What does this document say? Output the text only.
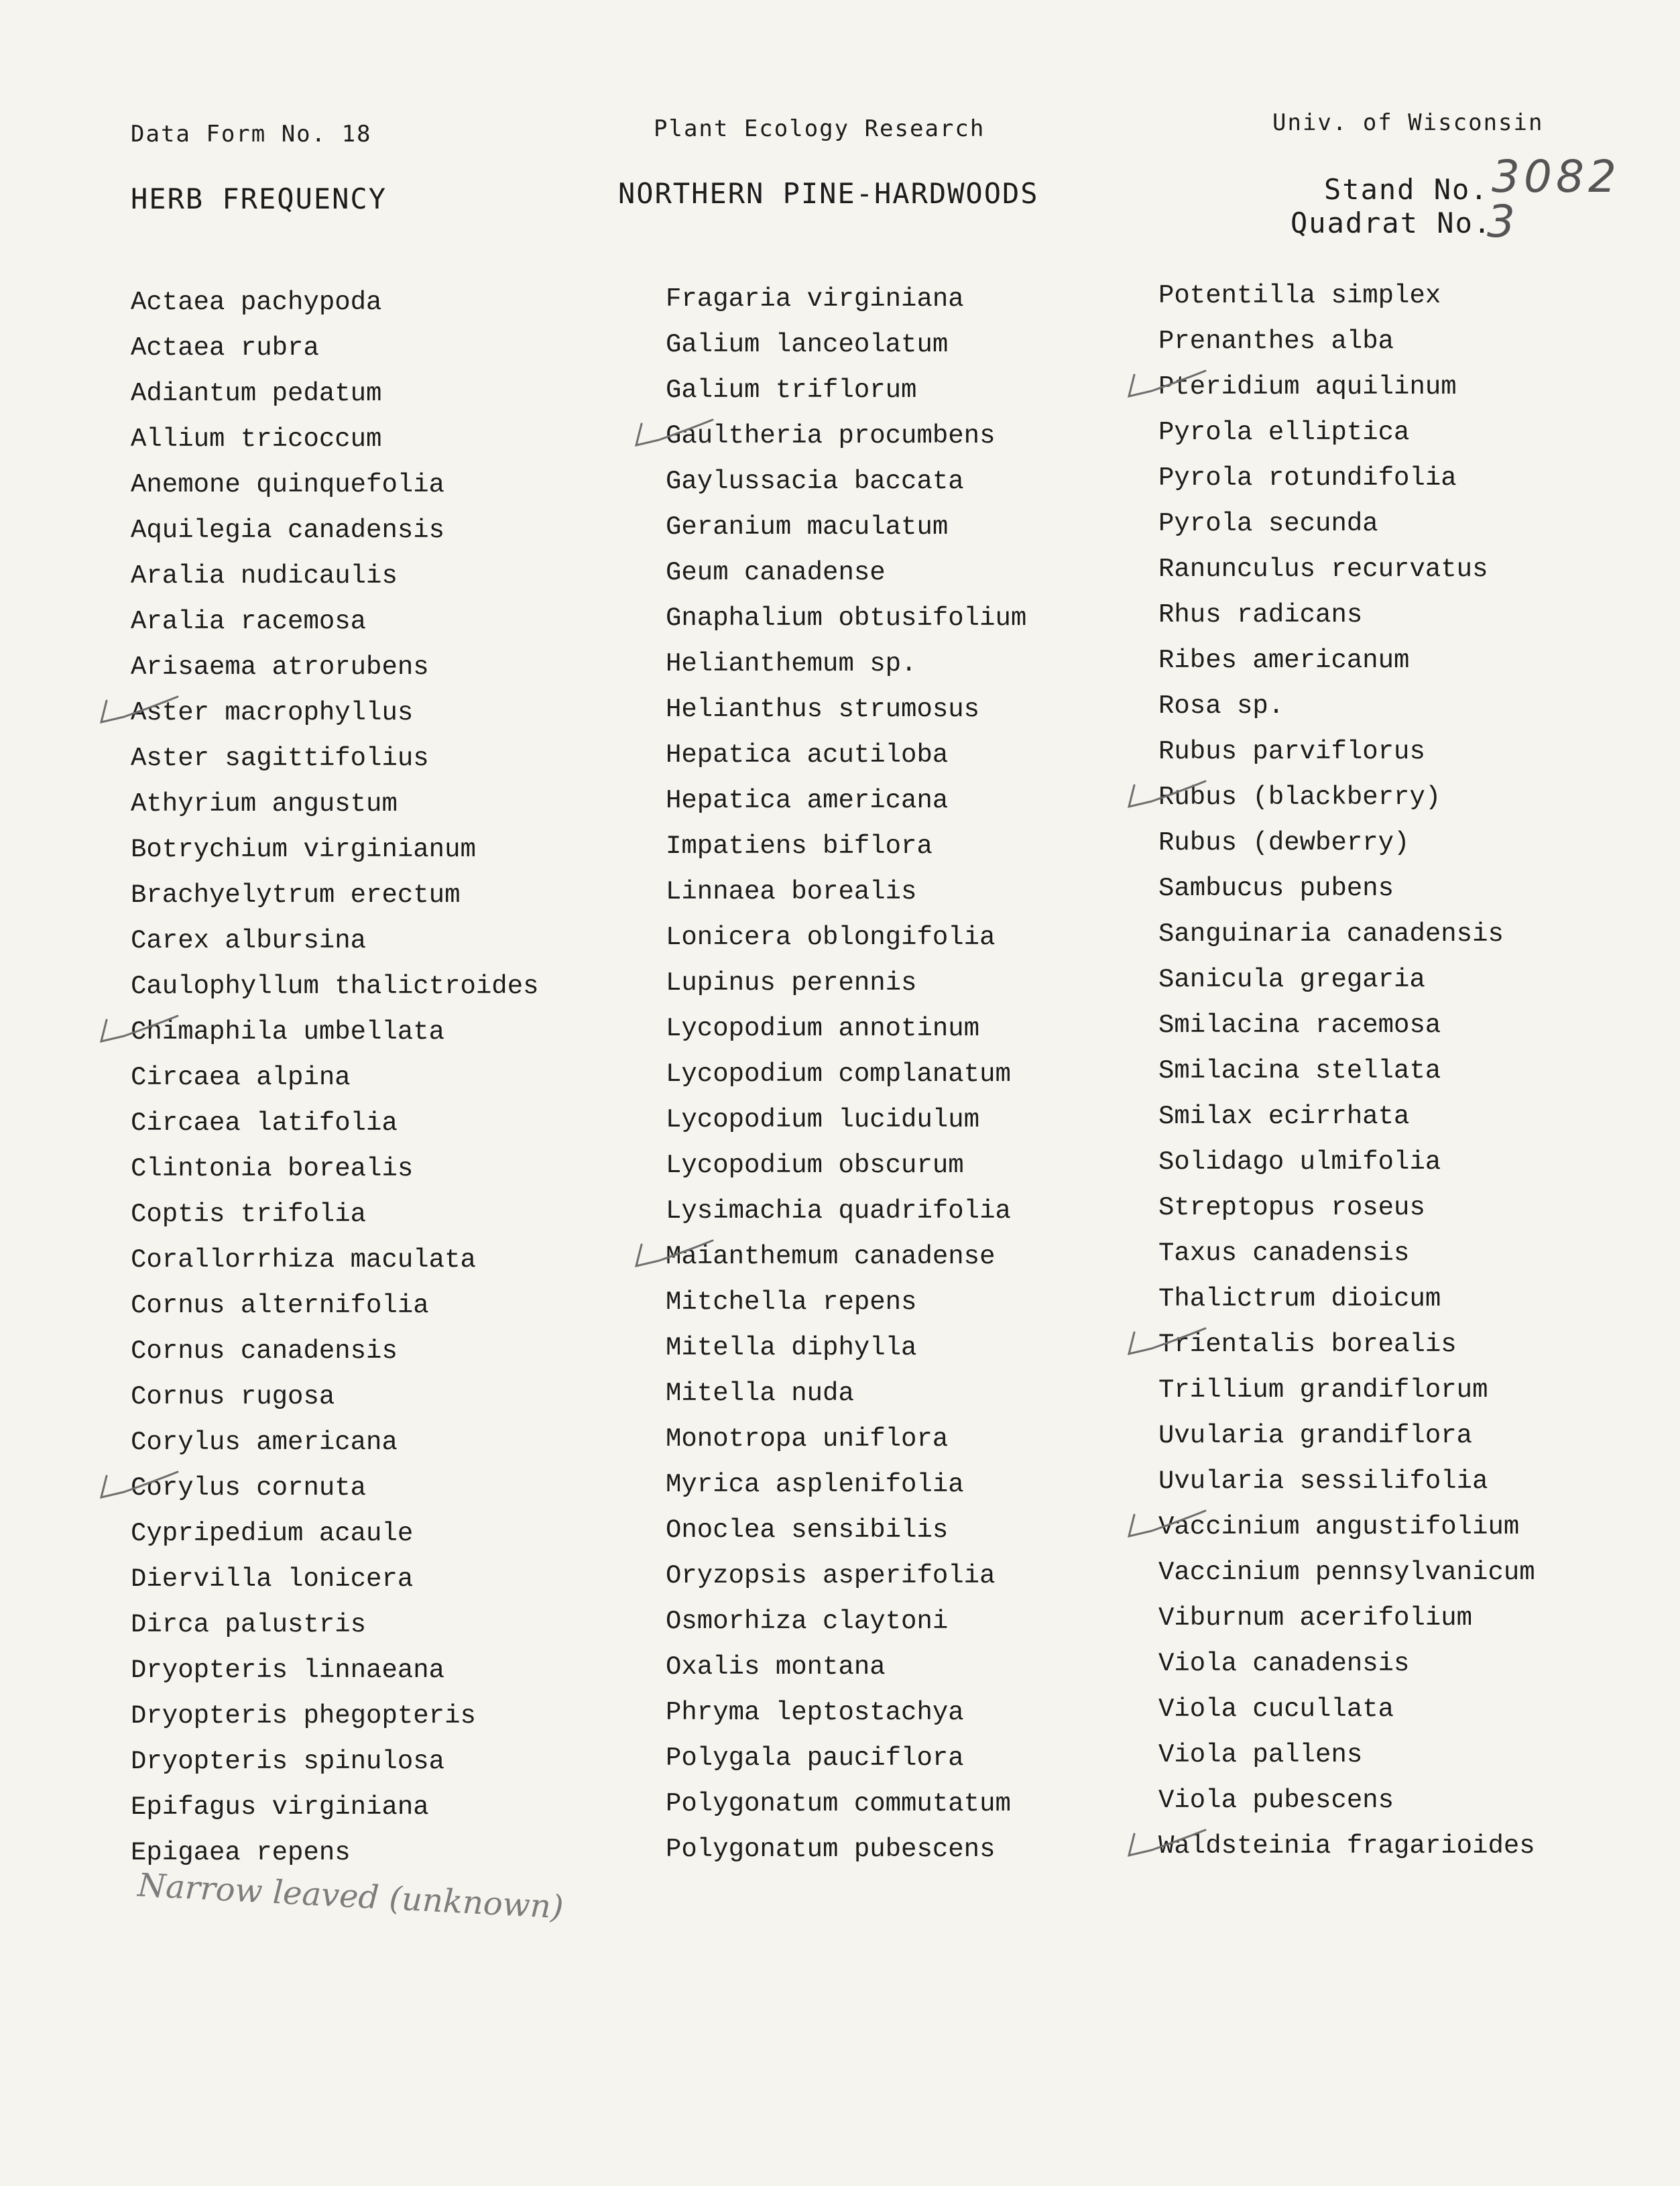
Data Form No. 18	Plant Ecology Research	Univ. of Wisconsin
HERB FREQUENCY	NORTHERN PINE-HARDWOODS	Stand No. 3082
Quadrat No.
3
Actaea pachypoda
Actaea rubra
Adiantum pedatum
Allium tricoccum
Anemone quinquefolia
Aquilegia canadensis
Aralia nudicaulis
Aralia racemosa
Arisaema atrorubens
Aster macrophyllus
Aster sagittifolius
Athyrium angustum
Botrychium virginianum
Brachyelytrum erectum
Carex albursina
Caulophyllum thalictroides
Chimaphila umbellata
Circaea alpina
Circaea latifolia
Clintonia borealis
Coptis trifolia
Corallorrhiza maculata
Cornus alternifolia
Cornus canadensis
Cornus rugosa
Corylus americana
Corylus cornuta
Cypripedium acaule
Diervilla lonicera
Dirca palustris
Dryopteris linnaeana
Dryopteris phegopteris
Dryopteris spinulosa
Epifagus virginiana
Epigaea repens
Fragaria virginiana
Galium lanceolatum
Galium triflorum
Gaultheria procumbens
Gaylussacia baccata
Geranium maculatum
Geum canadense
Gnaphalium obtusifolium
Helianthemum sp.
Helianthus strumosus
Hepatica acutiloba
Hepatica americana
Impatiens biflora
Linnaea borealis
Lonicera oblongifolia
Lupinus perennis
Lycopodium annotinum
Lycopodium complanatum
Lycopodium lucidulum
Lycopodium obscurum
Lysimachia quadrifolia
Maianthemum canadense
Mitchella repens
Mitella diphylla
Mitella nuda
Monotropa uniflora
Myrica asplenifolia
Onoclea sensibilis
Oryzopsis asperifolia
Osmorhiza claytoni
Oxalis montana
Phryma leptostachya
Polygala pauciflora
Polygonatum commutatum
Polygonatum pubescens
Potentilla simplex
Prenanthes alba
Pteridium aquilinum
Pyrola elliptica
Pyrola rotundifolia
Pyrola secunda
Ranunculus recurvatus
Rhus radicans
Ribes americanum
Rosa sp.
Rubus parviflorus
Rubus (blackberry)
Rubus (dewberry)
Sambucus pubens
Sanguinaria canadensis
Sanicula gregaria
Smilacina racemosa
Smilacina stellata
Smilax ecirrhata
Solidago ulmifolia
Streptopus roseus
Taxus canadensis
Thalictrum dioicum
Trientalis borealis
Trillium grandiflorum
Uvularia grandiflora
Uvularia sessilifolia
Vaccinium angustifolium
Vaccinium pennsylvanicum
Viburnum acerifolium
Viola canadensis
Viola cucullata
Viola pallens
Viola pubescens
Waldsteinia fragarioides
Narrow leaved (unknown)
